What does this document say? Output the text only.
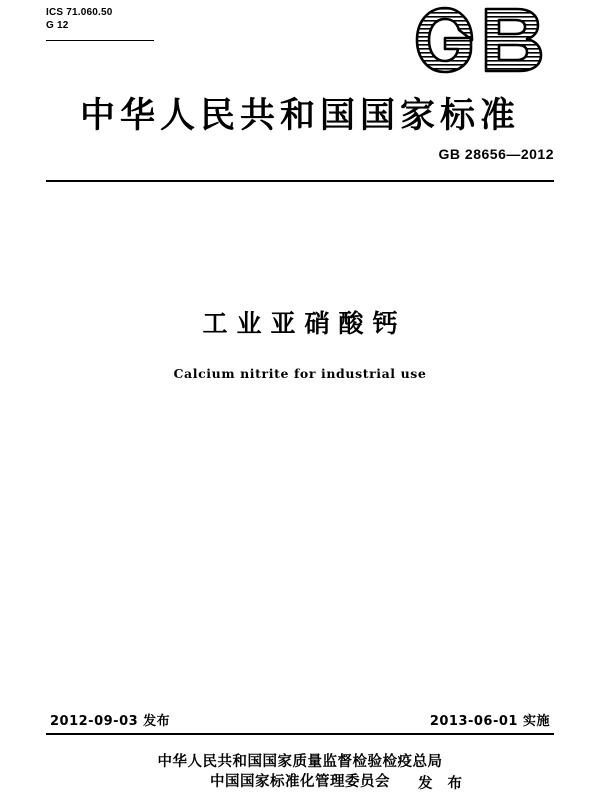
ICS 71.060.50
G 12
中华人民共和国国家标准
GB 28656—2012
工业亚硝酸钙
Calcium nitrite for industrial use
2012-09-03 发布	2013-06-01 实施
中华人民共和国国家质量监督检验检疫总局
中国国家标准化管理委员会	发 布
